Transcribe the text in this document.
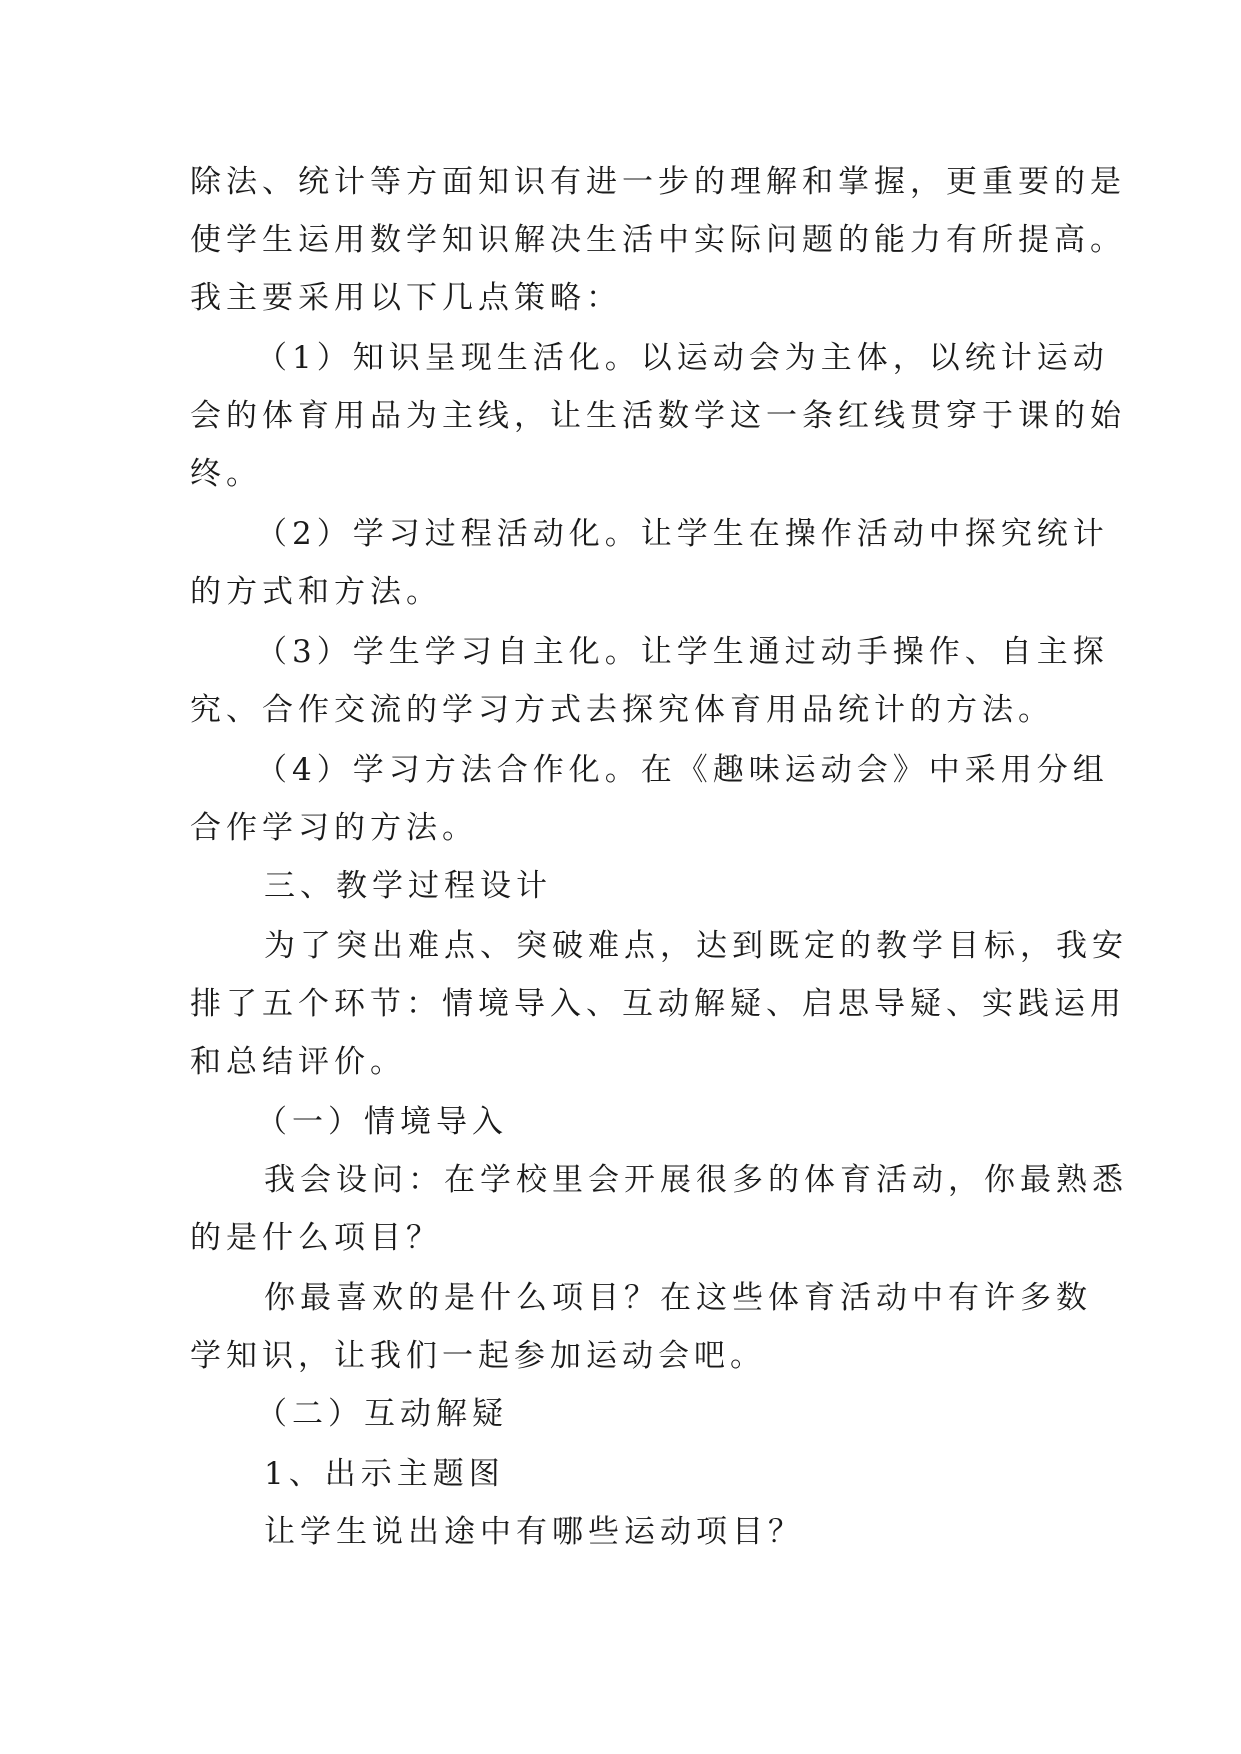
除法、统计等方面知识有进一步的理解和掌握，更重要的是
使学生运用数学知识解决生活中实际问题的能力有所提高。
我主要采用以下几点策略：
（1）知识呈现生活化。以运动会为主体，以统计运动
会的体育用品为主线，让生活数学这一条红线贯穿于课的始
终。
（2）学习过程活动化。让学生在操作活动中探究统计
的方式和方法。
（3）学生学习自主化。让学生通过动手操作、自主探
究、合作交流的学习方式去探究体育用品统计的方法。
（4）学习方法合作化。在《趣味运动会》中采用分组
合作学习的方法。
三、教学过程设计
为了突出难点、突破难点，达到既定的教学目标，我安
排了五个环节：情境导入、互动解疑、启思导疑、实践运用
和总结评价。
（一）情境导入
我会设问：在学校里会开展很多的体育活动，你最熟悉
的是什么项目？
你最喜欢的是什么项目？在这些体育活动中有许多数
学知识，让我们一起参加运动会吧。
（二）互动解疑
1、出示主题图
让学生说出途中有哪些运动项目？
